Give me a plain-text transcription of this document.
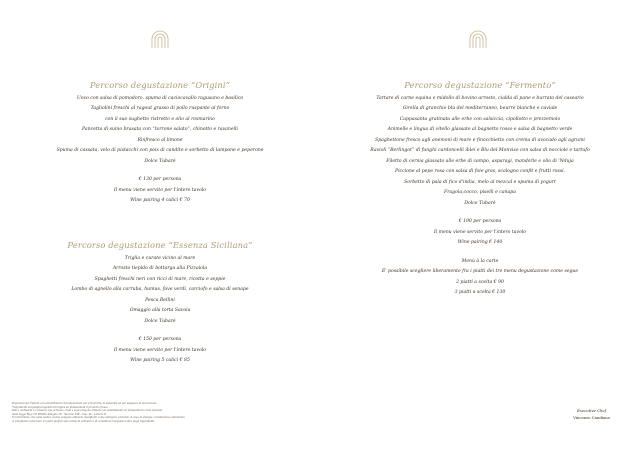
Percorso degustazione “Origini”
Uovo con salsa di pomodoro, spuma di caciocavallo ragusano e basilico
Tagliolini freschi al ragout grasso di pollo ruspante al forno
con il suo sughetto ristretto e olio al rosmarino
Pancetta di suino brasata con “torrone salato”, chinotto e ravanelli
Rinfresco al limone
Spuma di cassata, velo di pistacchi con pois di candito e sorbetto di lampone e peperone
Dolce Tubarè
€ 130 per persona
Il menu viene servito per l'intero tavolo
Wine pairing 4 calici € 70
Percorso degustazione “Essenza Siciliana”
Triglia e curate vicino al mare
Arrosto tiepido di bottarga alla Pizzaiola
Spaghetti freschi neri con ricci di mare, ricotta e seppie
Lombo di agnello alla carruba, humus, fave verdi, carciofo e salsa di senape
Pesca Bellini
Omaggio alla torta Savoia
Dolce Tubarè
€ 150 per persona
Il menu viene servito per l'intero tavolo
Wine pairing 5 calici € 85
Preparazione trattata con abbattimento di temperatura per prevenirne la salubrità ed per esigenze di lavorazione.
*ingredienti surgelati/congelati all'origine se indisponibili il prodotto fresco.
Pesci, molluschi e crostacei che arrivano crudi e soni vengono trattati con abbattimento di temperatura come previsto
dalla legge Reg. CE 853/04 Allegato III - Sezione VIII - Cap. III - Lettera D
Vi informiamo che nelle nostre cucine vengono alimenti classificati come allergeni, pertanto in caso di allergie o intolleranze alimentari,
vi preghiamo informare il nostro staff di sala prima di ordinare e di consultare l'apposito Libro degli Ingredienti.
Percorso degustazione “Fermento”
Tartare di carne equina e midollo di bovino arrosto, cialda di pane e burrata del caseario
Girella di granchio blu del mediterraneo, beurre blanche e caviale
Cappasanta gratinata alle erbe con salsiccia, cipollotto e prezzemolo
Animelle e lingua di vitello glassate al bagnetto rosso e salsa di bagnetto verde
Spaghettone fresco agli anemoni di mare e finocchietto con crema di avocado agli agrumi
Ravioli “Berlingot” di funghi cardoncelli iblei e Blu del Monviso con salsa di nocciole e tartufo
Filetto di cernia glassato alle erbe di campo, asparagi, mandorle e olio di 'Nduja
Piccione al pepe rosa con salsa di foie gras, scalogno confit e frutti rossi.
Sorbetto di pala di fico d'india, melo al mezcal e spuma di yogurt
Fragola,cocco, piselli e canapa
Dolce Tubarè
€ 190 per persona
Il menu viene servito per l'intero tavolo
Wine pairing € 140
Menù à la carte
E' possibile scegliere liberamente fra i piatti dei tre menu degustazione come segue
2 piatti a scelta € 90
3 piatti a scelta € 130
Executive Chef
Vincenzo Candiano
